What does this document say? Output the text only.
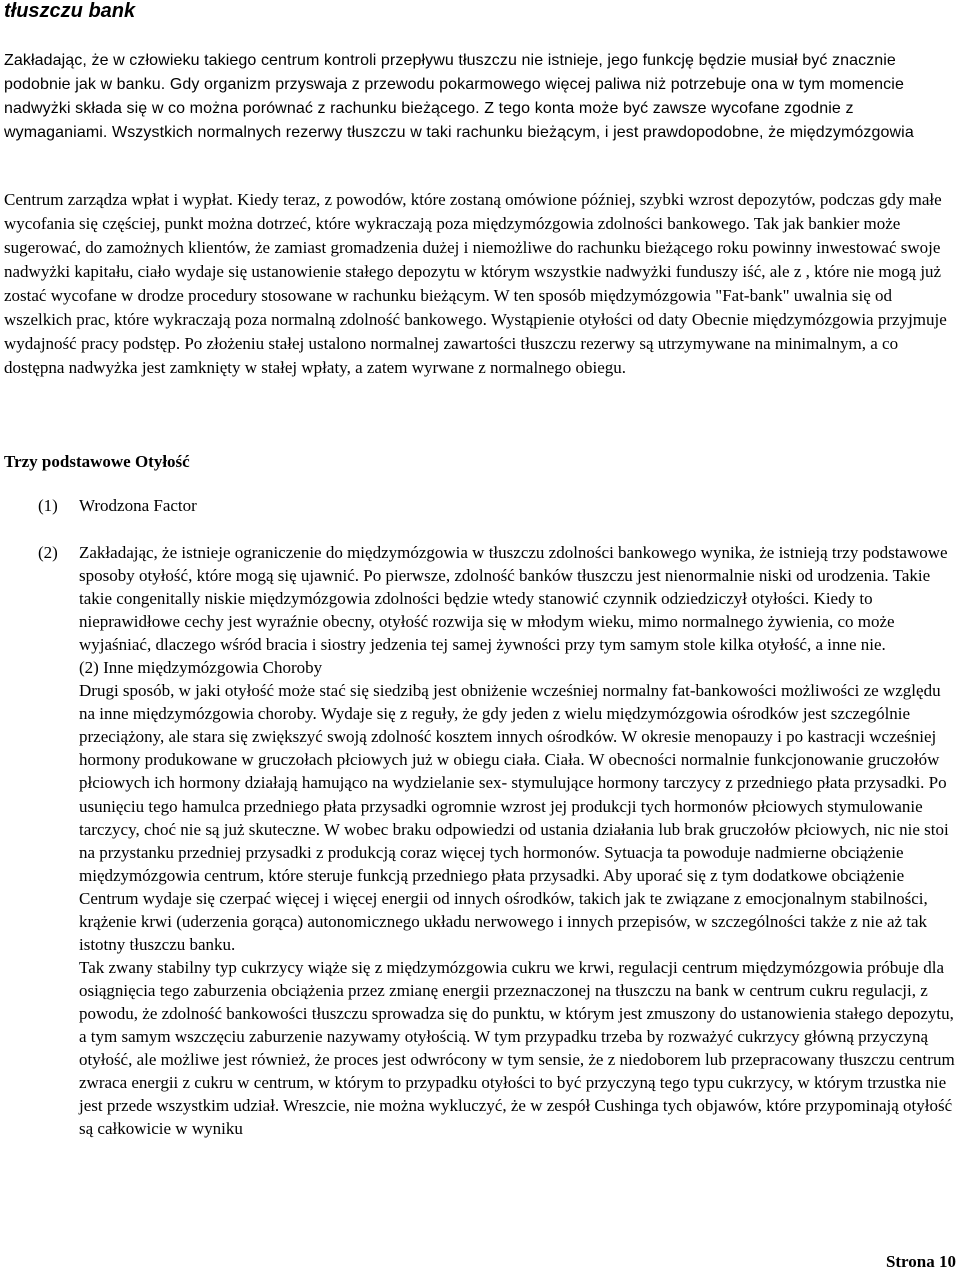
tłuszczu bank

Zakładając, że w człowieku takiego centrum kontroli przepływu tłuszczu nie istnieje, jego funkcję będzie musiał być znacznie podobnie jak w banku. Gdy organizm przyswaja z przewodu pokarmowego więcej paliwa niż potrzebuje ona w tym momencie nadwyżki składa się w co można porównać z rachunku bieżącego. Z tego konta może być zawsze wycofane zgodnie z wymaganiami. Wszystkich normalnych rezerwy tłuszczu w taki rachunku bieżącym, i jest prawdopodobne, że międzymózgowia

Centrum zarządza wpłat i wypłat. Kiedy teraz, z powodów, które zostaną omówione później, szybki wzrost depozytów, podczas gdy małe wycofania się częściej, punkt można dotrzeć, które wykraczają poza międzymózgowia zdolności bankowego. Tak jak bankier może sugerować, do zamożnych klientów, że zamiast gromadzenia dużej i niemożliwe do rachunku bieżącego roku powinny inwestować swoje nadwyżki kapitału, ciało wydaje się ustanowienie stałego depozytu w którym wszystkie nadwyżki funduszy iść, ale z , które nie mogą już zostać wycofane w drodze procedury stosowane w rachunku bieżącym. W ten sposób międzymózgowia "Fat-bank" uwalnia się od wszelkich prac, które wykraczają poza normalną zdolność bankowego. Wystąpienie otyłości od daty Obecnie międzymózgowia przyjmuje wydajność pracy podstęp. Po złożeniu stałej ustalono normalnej zawartości tłuszczu rezerwy są utrzymywane na minimalnym, a co dostępna nadwyżka jest zamknięty w stałej wpłaty, a zatem wyrwane z normalnego obiegu.

Trzy podstawowe Otyłość
(1) Wrodzona Factor
(2) Zakładając, że istnieje ograniczenie do międzymózgowia w tłuszczu zdolności bankowego wynika, że istnieją trzy podstawowe sposoby otyłość, które mogą się ujawnić. Po pierwsze, zdolność banków tłuszczu jest nienormalnie niski od urodzenia. Takie takie congenitally niskie międzymózgowia zdolności będzie wtedy stanowić czynnik odziedziczył otyłości. Kiedy to nieprawidłowe cechy jest wyraźnie obecny, otyłość rozwija się w młodym wieku, mimo normalnego żywienia, co może wyjaśniać, dlaczego wśród bracia i siostry jedzenia tej samej żywności przy tym samym stole kilka otyłość, a inne nie.

(2) Inne międzymózgowia Choroby

Drugi sposób, w jaki otyłość może stać się siedzibą jest obniżenie wcześniej normalny fat-bankowości możliwości ze względu na inne międzymózgowia choroby. Wydaje się z reguły, że gdy jeden z wielu międzymózgowia ośrodków jest szczególnie przeciążony, ale stara się zwiększyć swoją zdolność kosztem innych ośrodków. W okresie menopauzy i po kastracji wcześniej hormony produkowane w gruczołach płciowych już w obiegu ciała. Ciała. W obecności normalnie funkcjonowanie gruczołów płciowych ich hormony działają hamująco na wydzielanie sex- stymulujące hormony tarczycy z przedniego płata przysadki. Po usunięciu tego hamulca przedniego płata przysadki ogromnie wzrost jej produkcji tych hormonów płciowych stymulowanie tarczycy, choć nie są już skuteczne. W wobec braku odpowiedzi od ustania działania lub brak gruczołów płciowych, nic nie stoi na przystanku przedniej przysadki z produkcją coraz więcej tych hormonów. Sytuacja ta powoduje nadmierne obciążenie międzymózgowia centrum, które steruje funkcją przedniego płata przysadki. Aby uporać się z tym dodatkowe obciążenie Centrum wydaje się czerpać więcej i więcej energii od innych ośrodków, takich jak te związane z emocjonalnym stabilności, krążenie krwi (uderzenia gorąca) autonomicznego układu nerwowego i innych przepisów, w szczególności także z nie aż tak istotny tłuszczu banku.

Tak zwany stabilny typ cukrzycy wiąże się z międzymózgowia cukru we krwi, regulacji centrum międzymózgowia próbuje dla osiągnięcia tego zaburzenia obciążenia przez zmianę energii przeznaczonej na tłuszczu na bank w centrum cukru regulacji, z powodu, że zdolność bankowości tłuszczu sprowadza się do punktu, w którym jest zmuszony do ustanowienia stałego depozytu, a tym samym wszczęciu zaburzenie nazywamy otyłością. W tym przypadku trzeba by rozważyć cukrzycy główną przyczyną otyłość, ale możliwe jest również, że proces jest odwrócony w tym sensie, że z niedoborem lub przepracowany tłuszczu centrum zwraca energii z cukru w centrum, w którym to przypadku otyłości to być przyczyną tego typu cukrzycy, w którym trzustka nie jest przede wszystkim udział. Wreszcie, nie można wykluczyć, że w zespół Cushinga tych objawów, które przypominają otyłość są całkowicie w wyniku

Strona 10
